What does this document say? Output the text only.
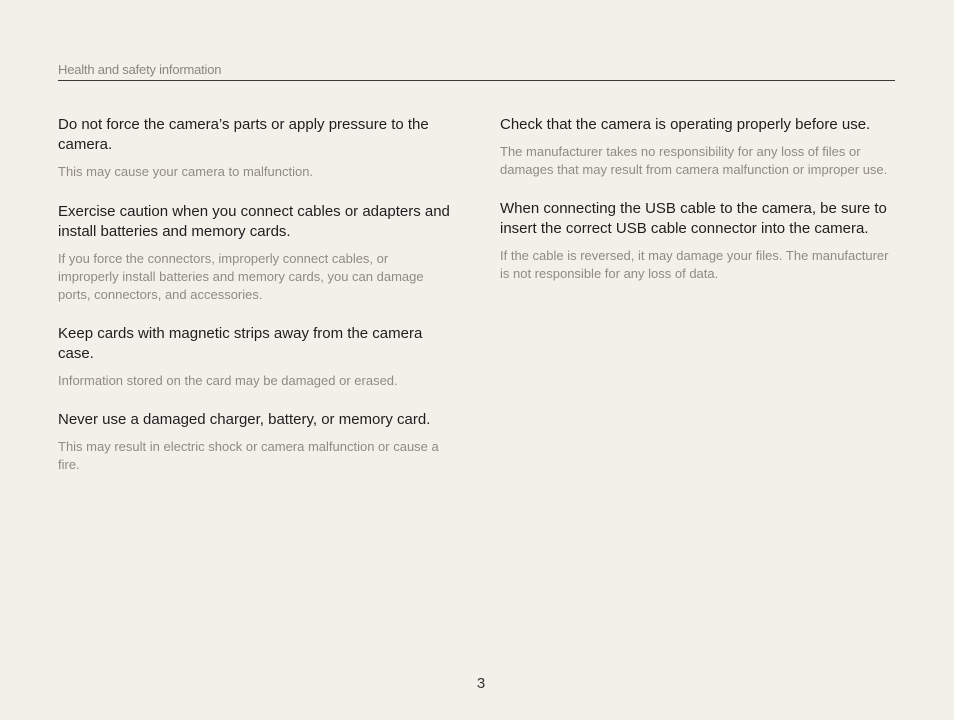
Health and safety information

Do not force the camera’s parts or apply pressure to the camera.

This may cause your camera to malfunction.

Exercise caution when you connect cables or adapters and install batteries and memory cards.

If you force the connectors, improperly connect cables, or improperly install batteries and memory cards, you can damage ports, connectors, and accessories.

Keep cards with magnetic strips away from the camera case.

Information stored on the card may be damaged or erased.

Never use a damaged charger, battery, or memory card.

This may result in electric shock or camera malfunction or cause a fire.

Check that the camera is operating properly before use.

The manufacturer takes no responsibility for any loss of files or damages that may result from camera malfunction or improper use.

When connecting the USB cable to the camera, be sure to insert the correct USB cable connector into the camera.

If the cable is reversed, it may damage your files. The manufacturer is not responsible for any loss of data.

3
